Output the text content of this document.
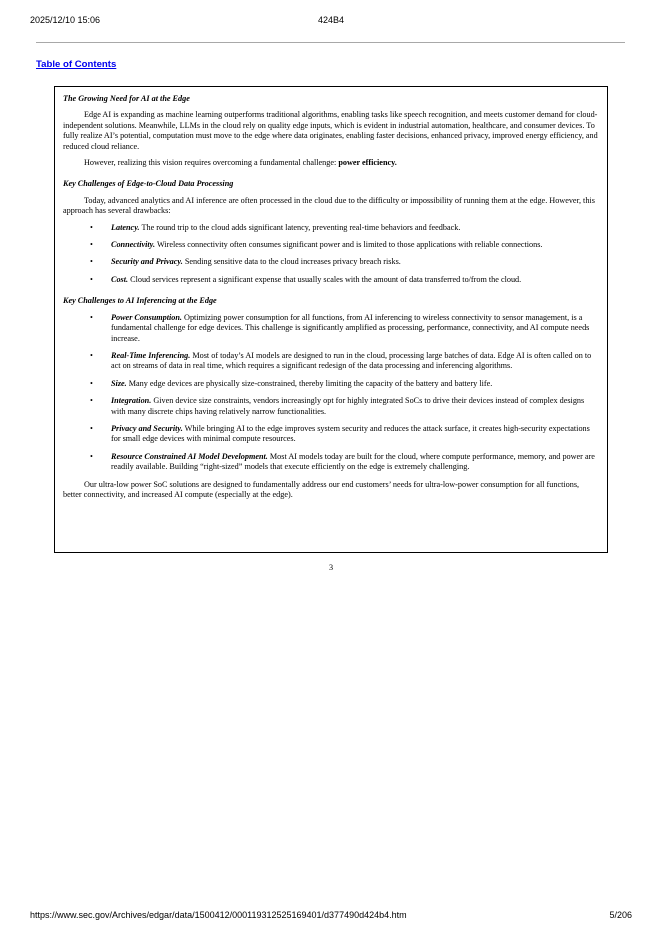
2025/12/10 15:06	424B4
Table of Contents
The Growing Need for AI at the Edge

Edge AI is expanding as machine learning outperforms traditional algorithms, enabling tasks like speech recognition, and meets customer demand for cloud-independent solutions. Meanwhile, LLMs in the cloud rely on quality edge inputs, which is evident in industrial automation, healthcare, and consumer devices. To fully realize AI’s potential, computation must move to the edge where data originates, enabling faster decisions, enhanced privacy, improved energy efficiency, and reduced cloud reliance.

However, realizing this vision requires overcoming a fundamental challenge: power efficiency.

Key Challenges of Edge-to-Cloud Data Processing

Today, advanced analytics and AI inference are often processed in the cloud due to the difficulty or impossibility of running them at the edge. However, this approach has several drawbacks:

• Latency. The round trip to the cloud adds significant latency, preventing real-time behaviors and feedback.
• Connectivity. Wireless connectivity often consumes significant power and is limited to those applications with reliable connections.
• Security and Privacy. Sending sensitive data to the cloud increases privacy breach risks.
• Cost. Cloud services represent a significant expense that usually scales with the amount of data transferred to/from the cloud.
Key Challenges to AI Inferencing at the Edge
• Power Consumption. Optimizing power consumption for all functions, from AI inferencing to wireless connectivity to sensor management, is a fundamental challenge for edge devices. This challenge is significantly amplified as processing, performance, connectivity, and AI compute needs increase.
• Real-Time Inferencing. Most of today’s AI models are designed to run in the cloud, processing large batches of data. Edge AI is often called on to act on streams of data in real time, which requires a significant redesign of the data processing and inferencing algorithms.
• Size. Many edge devices are physically size-constrained, thereby limiting the capacity of the battery and battery life.
• Integration. Given device size constraints, vendors increasingly opt for highly integrated SoCs to drive their devices instead of complex designs with many discrete chips having relatively narrow functionalities.
• Privacy and Security. While bringing AI to the edge improves system security and reduces the attack surface, it creates high-security expectations for small edge devices with minimal compute resources.
• Resource Constrained AI Model Development. Most AI models today are built for the cloud, where compute performance, memory, and power are readily available. Building “right-sized” models that execute efficiently on the edge is extremely challenging.

Our ultra-low power SoC solutions are designed to fundamentally address our end customers’ needs for ultra-low-power consumption for all functions, better connectivity, and increased AI compute (especially at the edge).

3
https://www.sec.gov/Archives/edgar/data/1500412/000119312525169401/d377490d424b4.htm	5/206
